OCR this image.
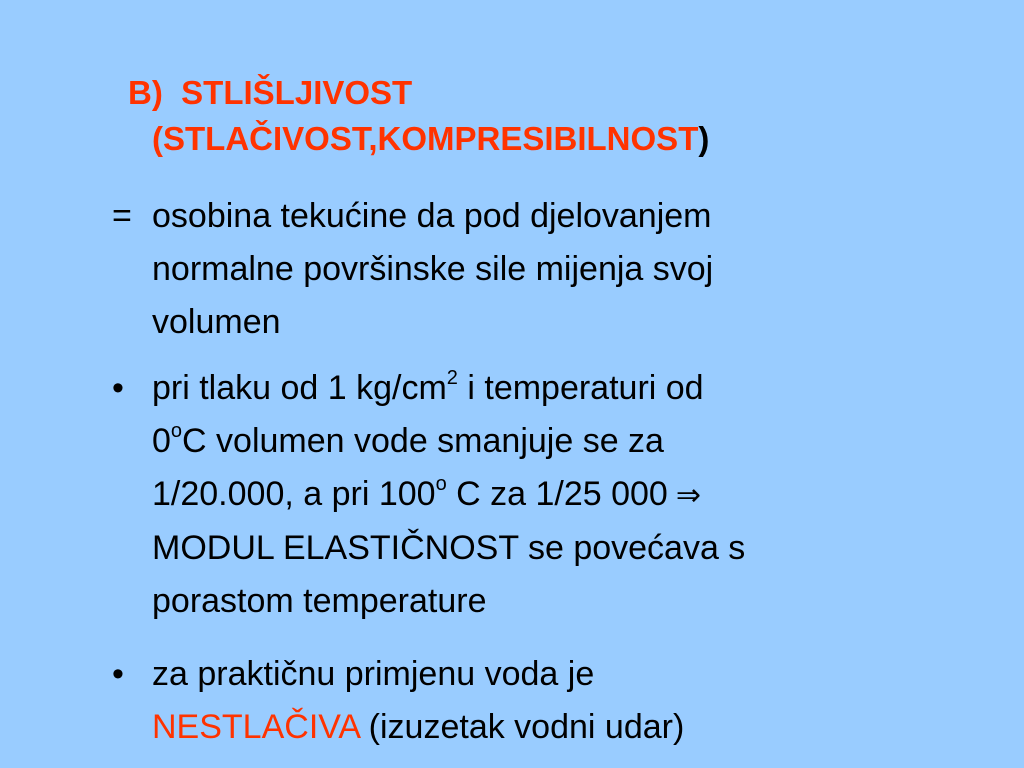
B) STLIŠLJIVOST
(STLAČIVOST,KOMPRESIBILNOST)
= osobina tekućine da pod djelovanjem
normalne površinske sile mijenja svoj
volumen
• pri tlaku od 1 $kg/cm^2$ i temperaturi od
0$^o$C volumen vode smanjuje se za
1/20.000, a pri 100$^o$ C za 1/25 000 ⇒
MODUL ELASTIČNOST se povećava s
porastom temperature
• za praktičnu primjenu voda je
NESTLAČIVA (izuzetak vodni udar)
